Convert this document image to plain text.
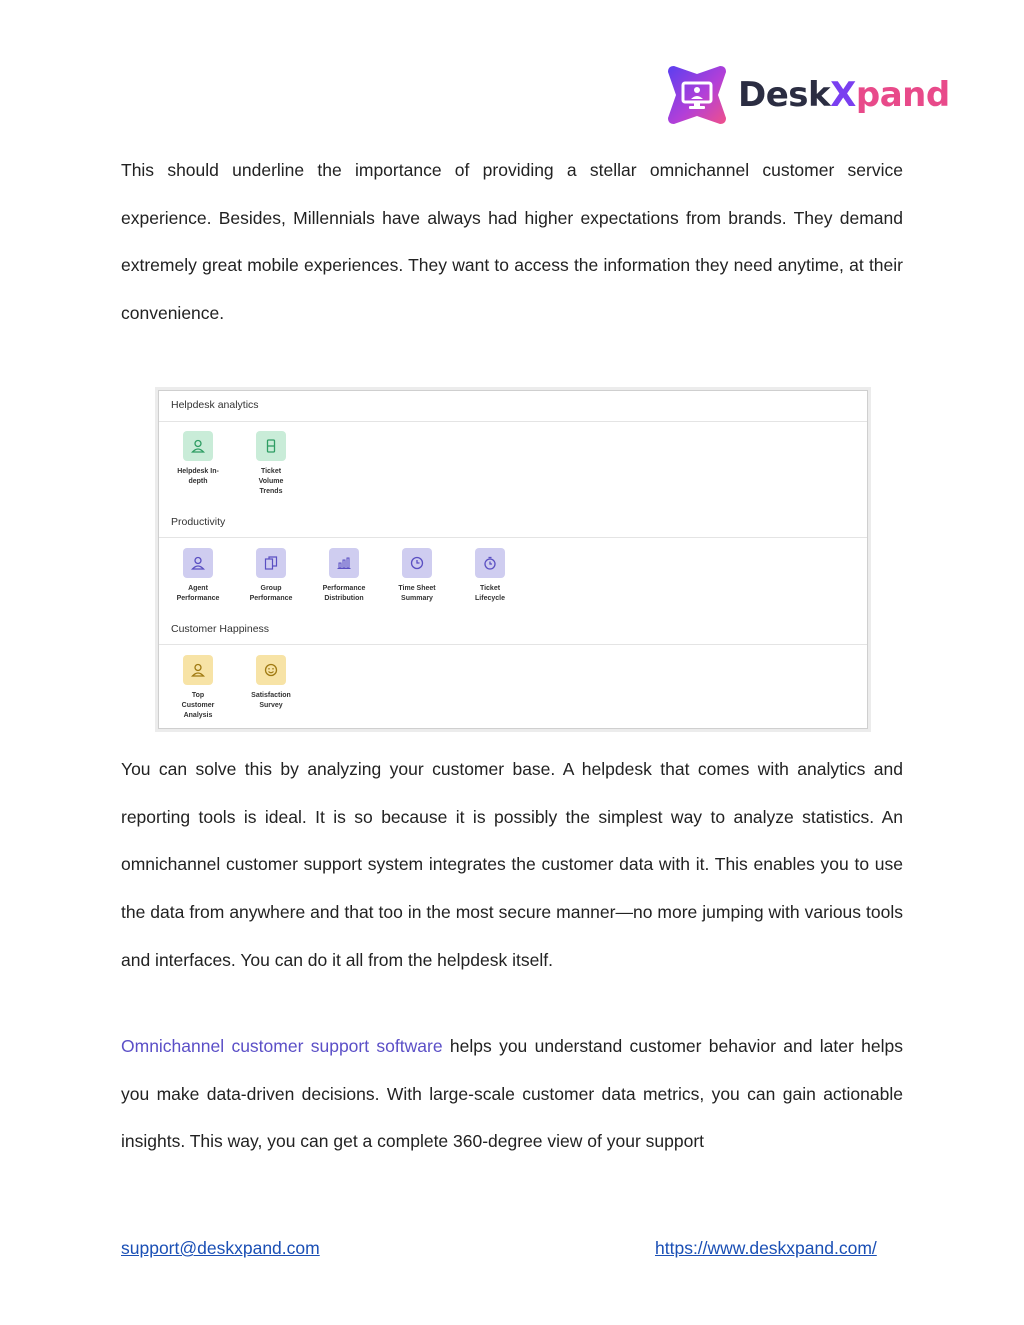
DeskXpand

This should underline the importance of providing a stellar omnichannel customer service experience. Besides, Millennials have always had higher expectations from brands. They demand extremely great mobile experiences. They want to access the information they need anytime, at their convenience.

Helpdesk analytics
Helpdesk In-
depth
Ticket
Volume
Trends
Productivity
Agent
Performance
Group
Performance
Performance
Distribution
Time Sheet
Summary
Ticket
Lifecycle
Customer Happiness
Top
Customer
Analysis
Satisfaction
Survey

You can solve this by analyzing your customer base. A helpdesk that comes with analytics and reporting tools is ideal. It is so because it is possibly the simplest way to analyze statistics. An omnichannel customer support system integrates the customer data with it. This enables you to use the data from anywhere and that too in the most secure manner—no more jumping with various tools and interfaces. You can do it all from the helpdesk itself.

Omnichannel customer support software helps you understand customer behavior and later helps you make data-driven decisions. With large-scale customer data metrics, you can gain actionable insights. This way, you can get a complete 360-degree view of your support

support@deskxpand.com	https://www.deskxpand.com/
